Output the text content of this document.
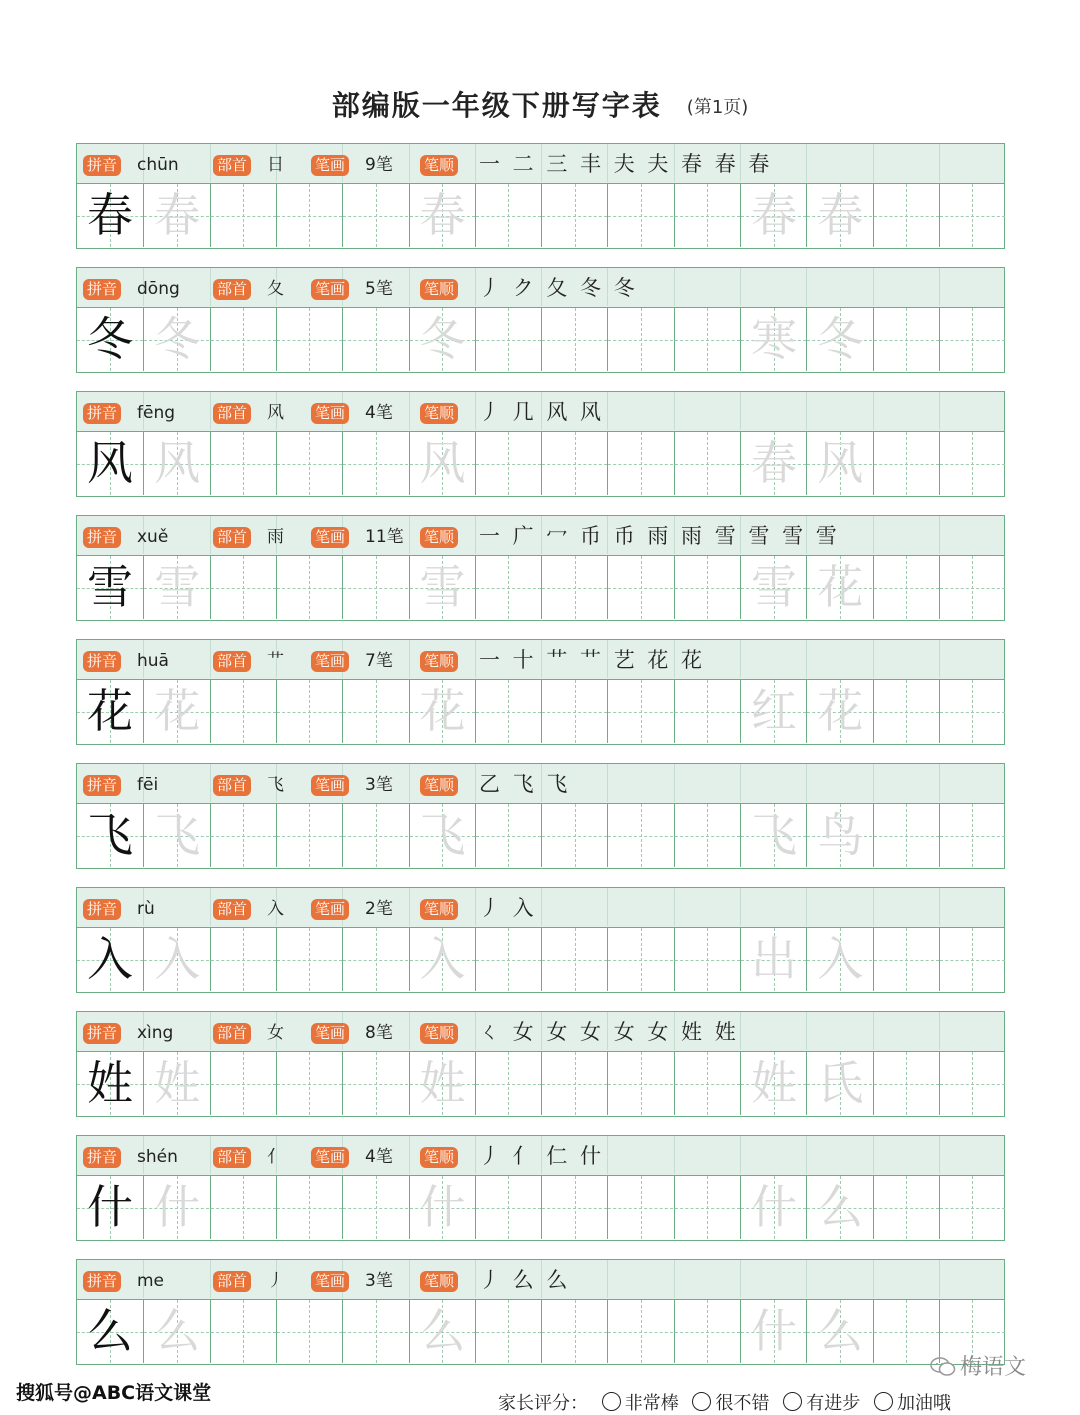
部编版一年级下册写字表 (第1页)
拼音 chūn	部首 日 笔画 9笔 笔顺 一 二 三 丰 夫 夫 春 春 春
春 春	春	春 春
拼音 dōng 部首 夂 笔画 5笔 笔顺 丿 ク 夂 冬 冬
冬 冬	冬	寒 冬
拼音 fēng	部首 风 笔画 4笔 笔顺 丿 几 风 风
风 风	风	春 风
拼音 xuě	部首 雨 笔画 11笔 笔顺 一 广 冖 币 币 雨 雨 雪 雪 雪 雪
雪 雪	雪	雪 花
拼音 huā	部首 艹 笔画 7笔 笔顺 一 十 艹 艹 艺 花 花
花 花	花	红 花
拼音 fēi	部首 飞 笔画 3笔 笔顺 乙 飞 飞
飞 飞	飞	飞 鸟
拼音 rù	部首 入 笔画 2笔 笔顺 丿 入
入 入	入	出 入
拼音 xìng	部首 女 笔画 8笔 笔顺 ㄑ 女 女 女 女 女 姓 姓
姓 姓	姓	姓 氏
拼音 shén	部首 亻 笔画 4笔 笔顺 丿 亻 仁 什
什 什	什	什 么
拼音 me	部首 丿 笔画 3笔 笔顺 丿 么 么
么 么	么	什 么
搜狐号@ABC语文课堂
梅语文
家长评分： 非常棒 很不错 有进步 加油哦
